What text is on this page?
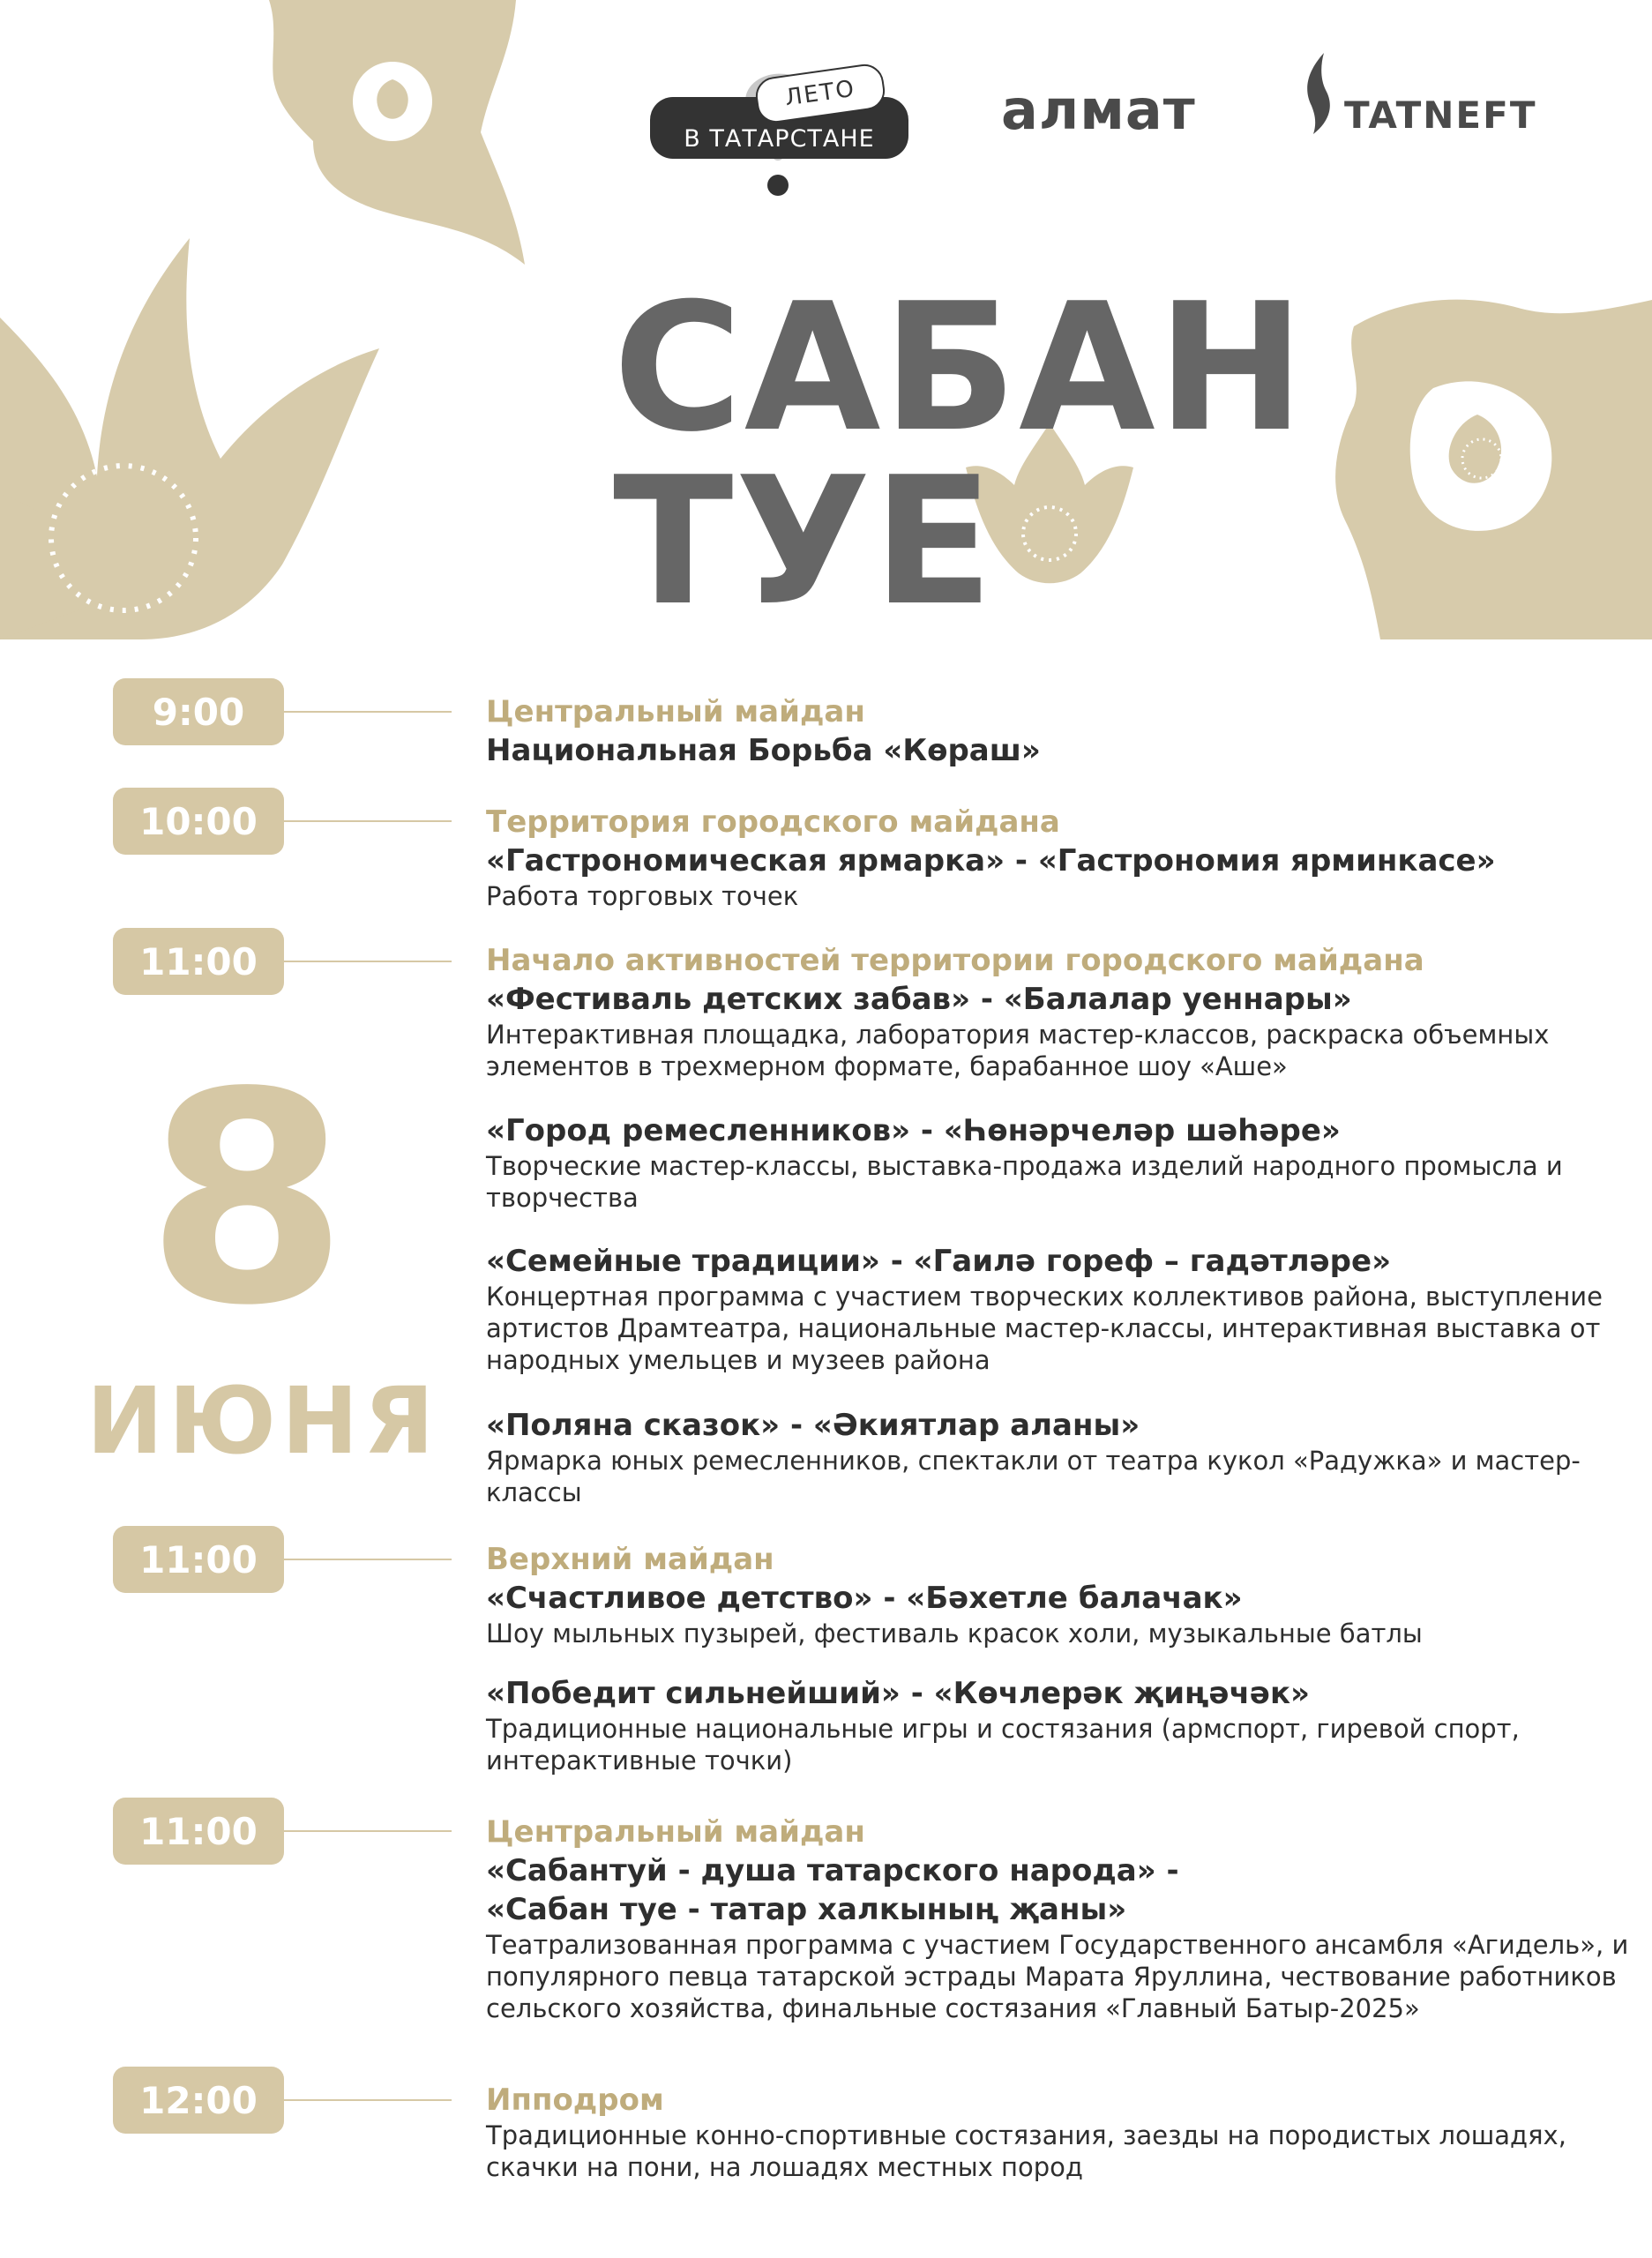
В ТАТАРСТАНЕ
ЛЕТО	алмат	TATNEFT
САБАН
ТУЕ
8
ИЮНЯ
9:00	Центральный майдан
Национальная Борьба «Көраш»
10:00	Территория городского майдана
«Гастрономическая ярмарка» - «Гастрономия ярминкасе»
Работа торговых точек
11:00	Начало активностей территории городского майдана
«Фестиваль детских забав» - «Балалар уеннары»
Интерактивная площадка, лаборатория мастер-классов, раскраска объемных элементов в трехмерном формате, барабанное шоу «Аше»
«Город ремесленников» - «Һөнәрчеләр шәһәре»
Творческие мастер-классы, выставка-продажа изделий народного промысла и творчества
«Семейные традиции» - «Гаилә гореф – гадәтләре»
Концертная программа с участием творческих коллективов района, выступление артистов Драмтеатра, национальные мастер-классы, интерактивная выставка от народных умельцев и музеев района
«Поляна сказок» - «Әкиятлар аланы»
Ярмарка юных ремесленников, спектакли от театра кукол «Радужка» и мастер-классы
11:00	Верхний майдан
«Счастливое детство» - «Бәхетле балачак»
Шоу мыльных пузырей, фестиваль красок холи, музыкальные батлы
«Победит сильнейший» - «Көчлерәк җиңәчәк»
Традиционные национальные игры и состязания (армспорт, гиревой спорт, интерактивные точки)
11:00	Центральный майдан
«Сабантуй - душа татарского народа» -
«Сабан туе - татар халкының җаны»
Театрализованная программа с участием Государственного ансамбля «Агидель», и популярного певца татарской эстрады Марата Яруллина, чествование работников сельского хозяйства, финальные состязания «Главный Батыр-2025»
12:00	Ипподром
Традиционные конно-спортивные состязания, заезды на породистых лошадях, скачки на пони, на лошадях местных пород
